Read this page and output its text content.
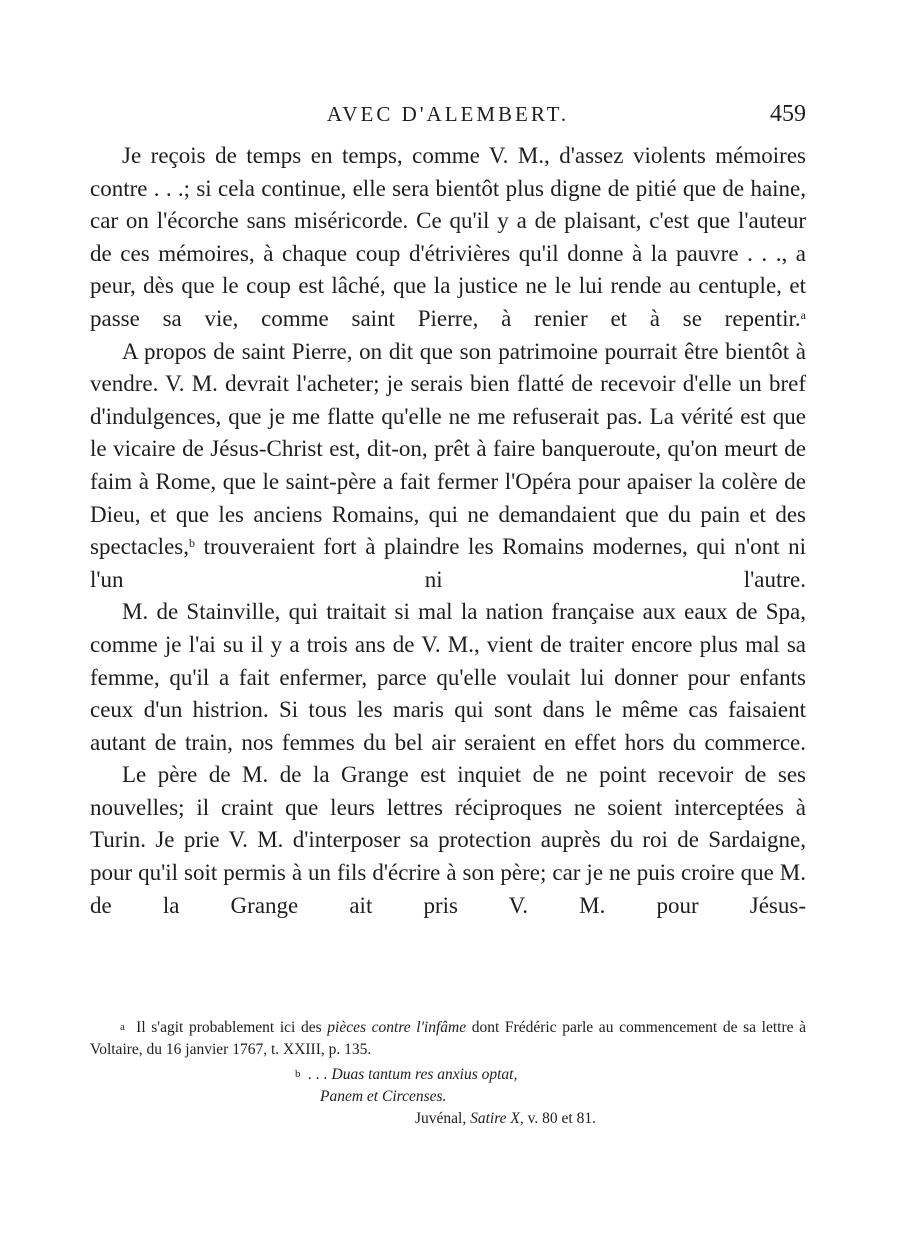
AVEC D'ALEMBERT.	459

Je reçois de temps en temps, comme V. M., d'assez violents mémoires contre . . .; si cela continue, elle sera bientôt plus digne de pitié que de haine, car on l'écorche sans miséricorde. Ce qu'il y a de plaisant, c'est que l'auteur de ces mémoires, à chaque coup d'étrivières qu'il donne à la pauvre . . ., a peur, dès que le coup est lâché, que la justice ne le lui rende au centuple, et passe sa vie, comme saint Pierre, à renier et à se repentir.$^a$

A propos de saint Pierre, on dit que son patrimoine pourrait être bientôt à vendre. V. M. devrait l'acheter; je serais bien flatté de recevoir d'elle un bref d'indulgences, que je me flatte qu'elle ne me refuserait pas. La vérité est que le vicaire de Jésus-Christ est, dit-on, prêt à faire banqueroute, qu'on meurt de faim à Rome, que le saint-père a fait fermer l'Opéra pour apaiser la colère de Dieu, et que les anciens Romains, qui ne demandaient que du pain et des spectacles,$^b$ trouveraient fort à plaindre les Romains modernes, qui n'ont ni l'un ni l'autre.

M. de Stainville, qui traitait si mal la nation française aux eaux de Spa, comme je l'ai su il y a trois ans de V. M., vient de traiter encore plus mal sa femme, qu'il a fait enfermer, parce qu'elle voulait lui donner pour enfants ceux d'un histrion. Si tous les maris qui sont dans le même cas faisaient autant de train, nos femmes du bel air seraient en effet hors du commerce.

Le père de M. de la Grange est inquiet de ne point recevoir de ses nouvelles; il craint que leurs lettres réciproques ne soient interceptées à Turin. Je prie V. M. d'interposer sa protection auprès du roi de Sardaigne, pour qu'il soit permis à un fils d'écrire à son père; car je ne puis croire que M. de la Grange ait pris V. M. pour Jésus-

a Il s'agit probablement ici des pièces contre l'infâme dont Frédéric parle au commencement de sa lettre à Voltaire, du 16 janvier 1767, t. XXIII, p. 135.
b . . . Duas tantum res anxius optat,
Panem et Circenses.
Juvénal, Satire X, v. 80 et 81.
